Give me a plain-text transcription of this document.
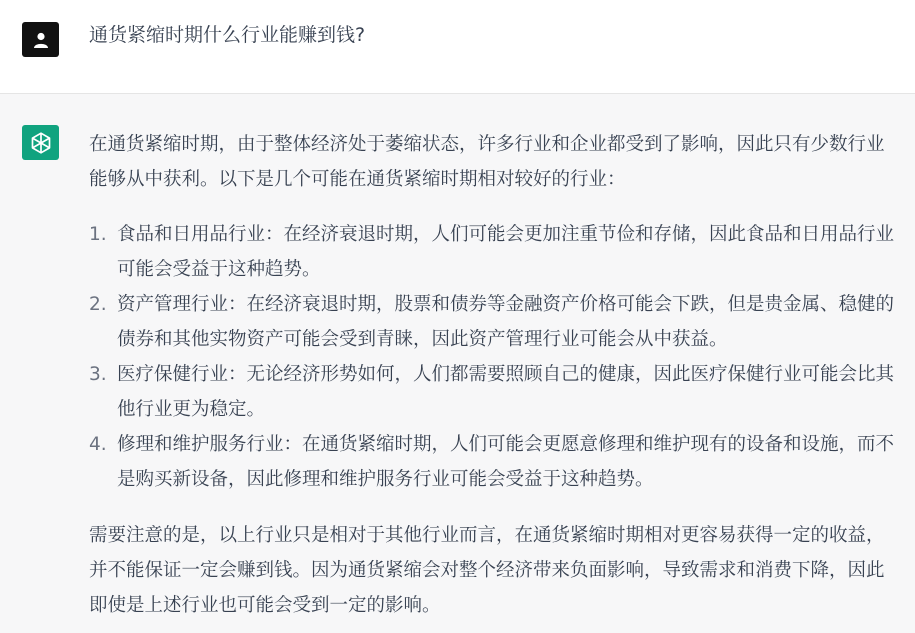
通货紧缩时期什么行业能赚到钱?

在通货紧缩时期，由于整体经济处于萎缩状态，许多行业和企业都受到了影响，因此只有少数行业能够从中获利。以下是几个可能在通货紧缩时期相对较好的行业：

1. 食品和日用品行业：在经济衰退时期，人们可能会更加注重节俭和存储，因此食品和日用品行业可能会受益于这种趋势。
2. 资产管理行业：在经济衰退时期，股票和债券等金融资产价格可能会下跌，但是贵金属、稳健的债券和其他实物资产可能会受到青睐，因此资产管理行业可能会从中获益。
3. 医疗保健行业：无论经济形势如何，人们都需要照顾自己的健康，因此医疗保健行业可能会比其他行业更为稳定。
4. 修理和维护服务行业：在通货紧缩时期，人们可能会更愿意修理和维护现有的设备和设施，而不是购买新设备，因此修理和维护服务行业可能会受益于这种趋势。

需要注意的是，以上行业只是相对于其他行业而言，在通货紧缩时期相对更容易获得一定的收益，并不能保证一定会赚到钱。因为通货紧缩会对整个经济带来负面影响，导致需求和消费下降，因此即使是上述行业也可能会受到一定的影响。
